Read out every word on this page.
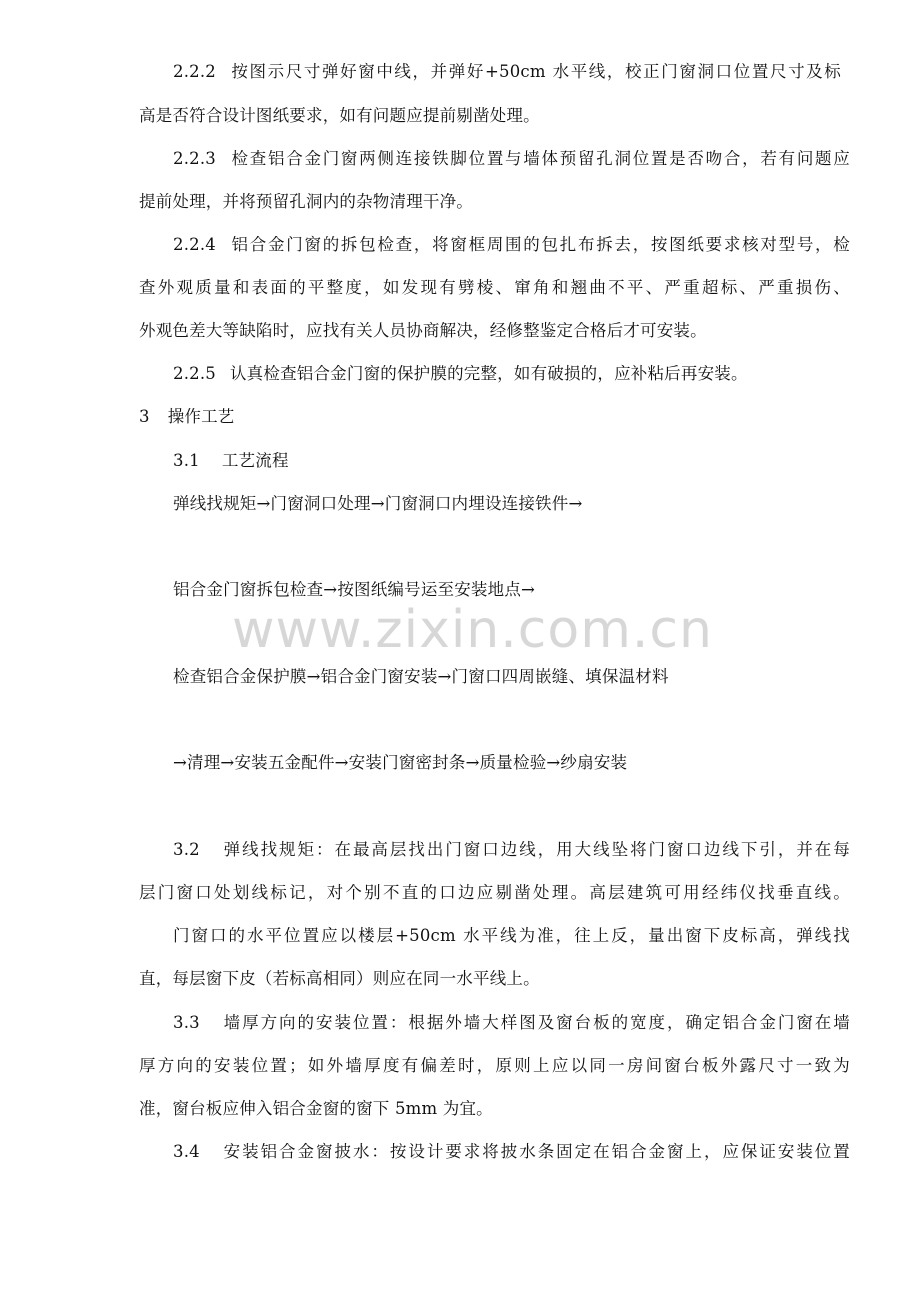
www.zixin.com.cn
2.2.2 按图示尺寸弹好窗中线，并弹好+50cm 水平线，校正门窗洞口位置尺寸及标
高是否符合设计图纸要求，如有问题应提前剔凿处理。
2.2.3 检查铝合金门窗两侧连接铁脚位置与墙体预留孔洞位置是否吻合，若有问题应
提前处理，并将预留孔洞内的杂物清理干净。
2.2.4 铝合金门窗的拆包检查，将窗框周围的包扎布拆去，按图纸要求核对型号，检
查外观质量和表面的平整度，如发现有劈棱、窜角和翘曲不平、严重超标、严重损伤、
外观色差大等缺陷时，应找有关人员协商解决，经修整鉴定合格后才可安装。
2.2.5 认真检查铝合金门窗的保护膜的完整，如有破损的，应补粘后再安装。
3 操作工艺
3.1 工艺流程
弹线找规矩→门窗洞口处理→门窗洞口内埋设连接铁件→
铝合金门窗拆包检查→按图纸编号运至安装地点→
检查铝合金保护膜→铝合金门窗安装→门窗口四周嵌缝、填保温材料
→清理→安装五金配件→安装门窗密封条→质量检验→纱扇安装
3.2 弹线找规矩：在最高层找出门窗口边线，用大线坠将门窗口边线下引，并在每
层门窗口处划线标记，对个别不直的口边应剔凿处理。高层建筑可用经纬仪找垂直线。
门窗口的水平位置应以楼层+50cm 水平线为准，往上反，量出窗下皮标高，弹线找
直，每层窗下皮（若标高相同）则应在同一水平线上。
3.3 墙厚方向的安装位置：根据外墙大样图及窗台板的宽度，确定铝合金门窗在墙
厚方向的安装位置；如外墙厚度有偏差时，原则上应以同一房间窗台板外露尺寸一致为
准，窗台板应伸入铝合金窗的窗下 5mm 为宜。
3.4 安装铝合金窗披水：按设计要求将披水条固定在铝合金窗上，应保证安装位置
